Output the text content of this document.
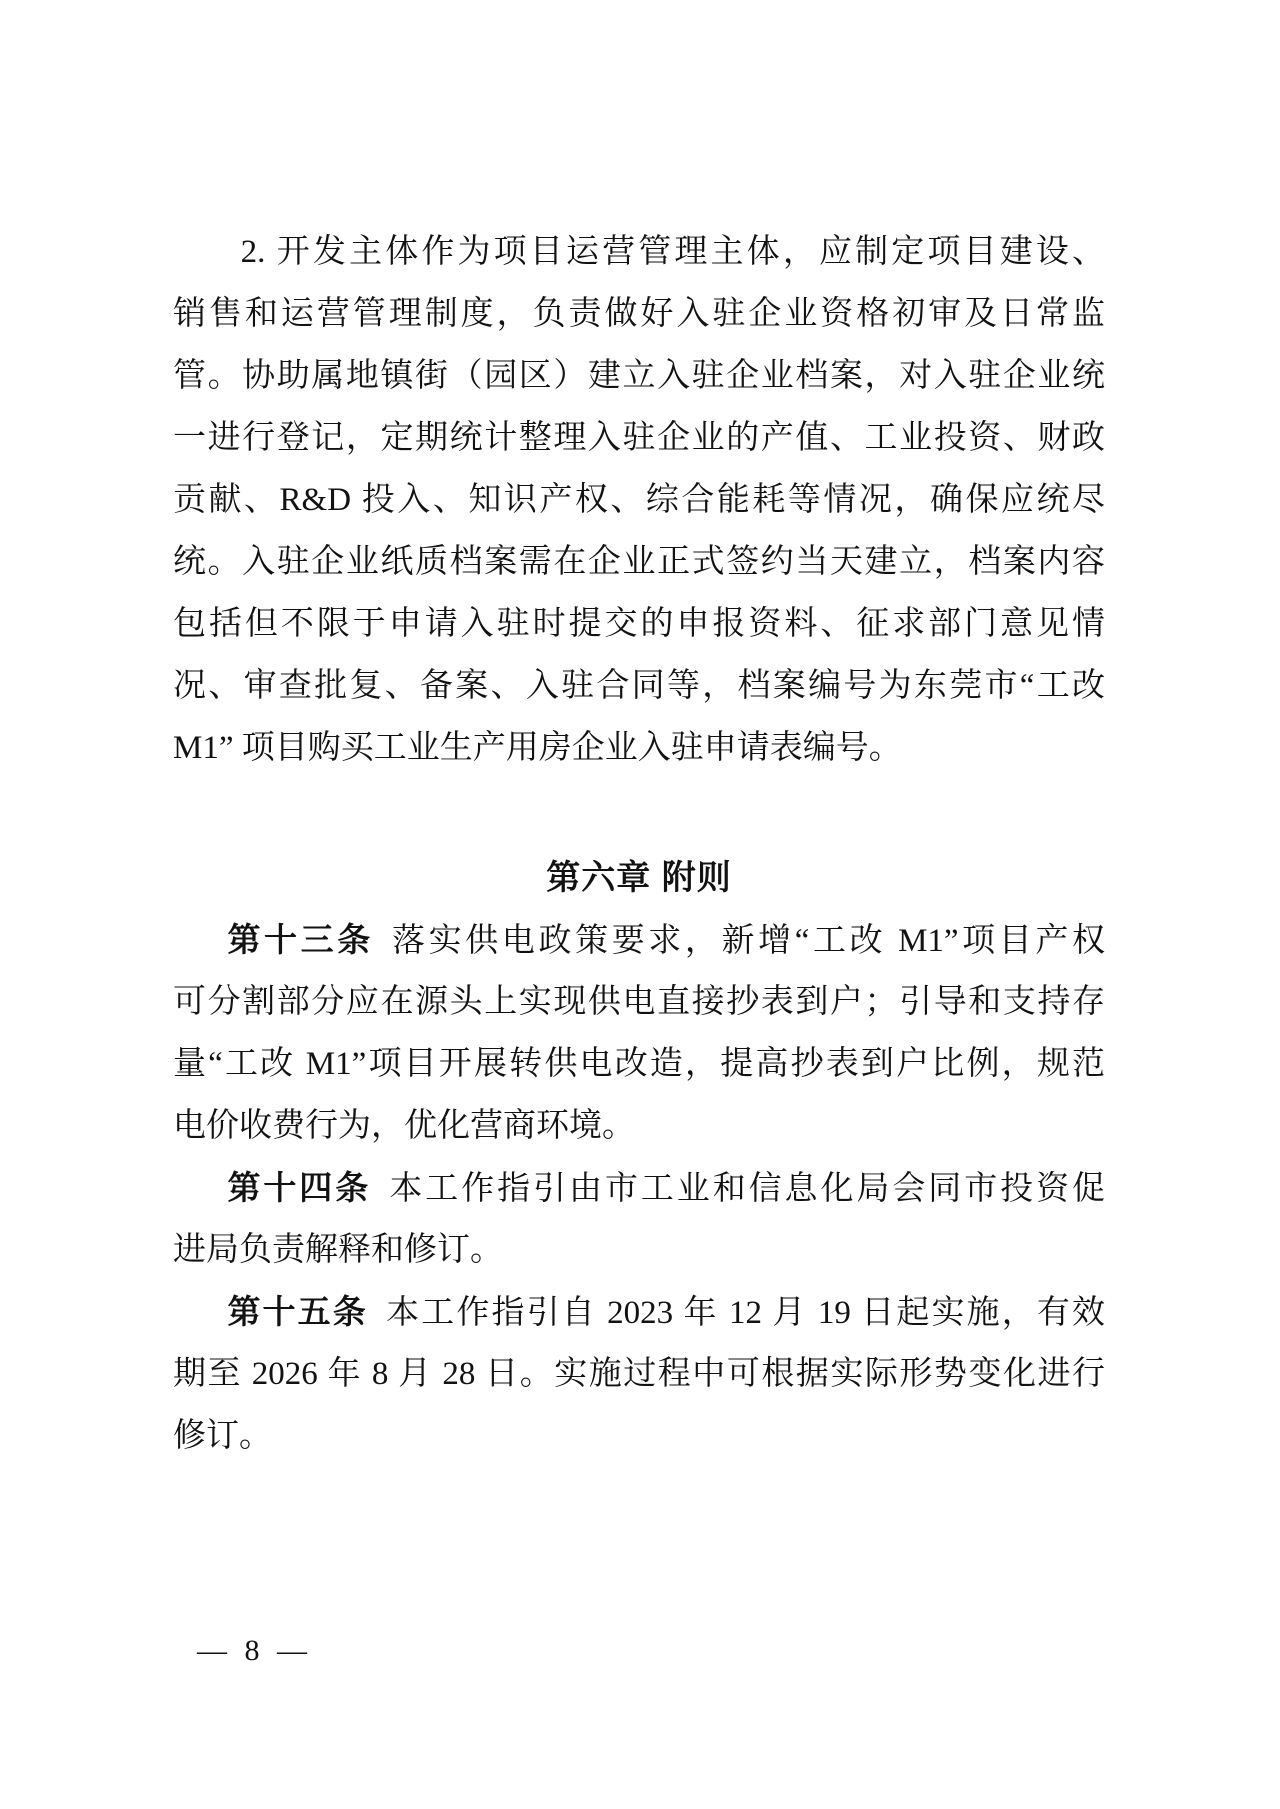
2. 开发主体作为项目运营管理主体，应制定项目建设、
销售和运营管理制度，负责做好入驻企业资格初审及日常监
管。协助属地镇街（园区）建立入驻企业档案，对入驻企业统
一进行登记，定期统计整理入驻企业的产值、工业投资、财政
贡献、R&D 投入、知识产权、综合能耗等情况，确保应统尽
统。入驻企业纸质档案需在企业正式签约当天建立，档案内容
包括但不限于申请入驻时提交的申报资料、征求部门意见情
况、审查批复、备案、入驻合同等，档案编号为东莞市“工改
M1” 项目购买工业生产用房企业入驻申请表编号。
第六章 附则
第十三条 落实供电政策要求，新增“工改 M1”项目产权
可分割部分应在源头上实现供电直接抄表到户；引导和支持存
量“工改 M1”项目开展转供电改造，提高抄表到户比例，规范
电价收费行为，优化营商环境。
第十四条 本工作指引由市工业和信息化局会同市投资促
进局负责解释和修订。
第十五条 本工作指引自 2023 年 12 月 19 日起实施，有效
期至 2026 年 8 月 28 日。实施过程中可根据实际形势变化进行
修订。
— 8 —
